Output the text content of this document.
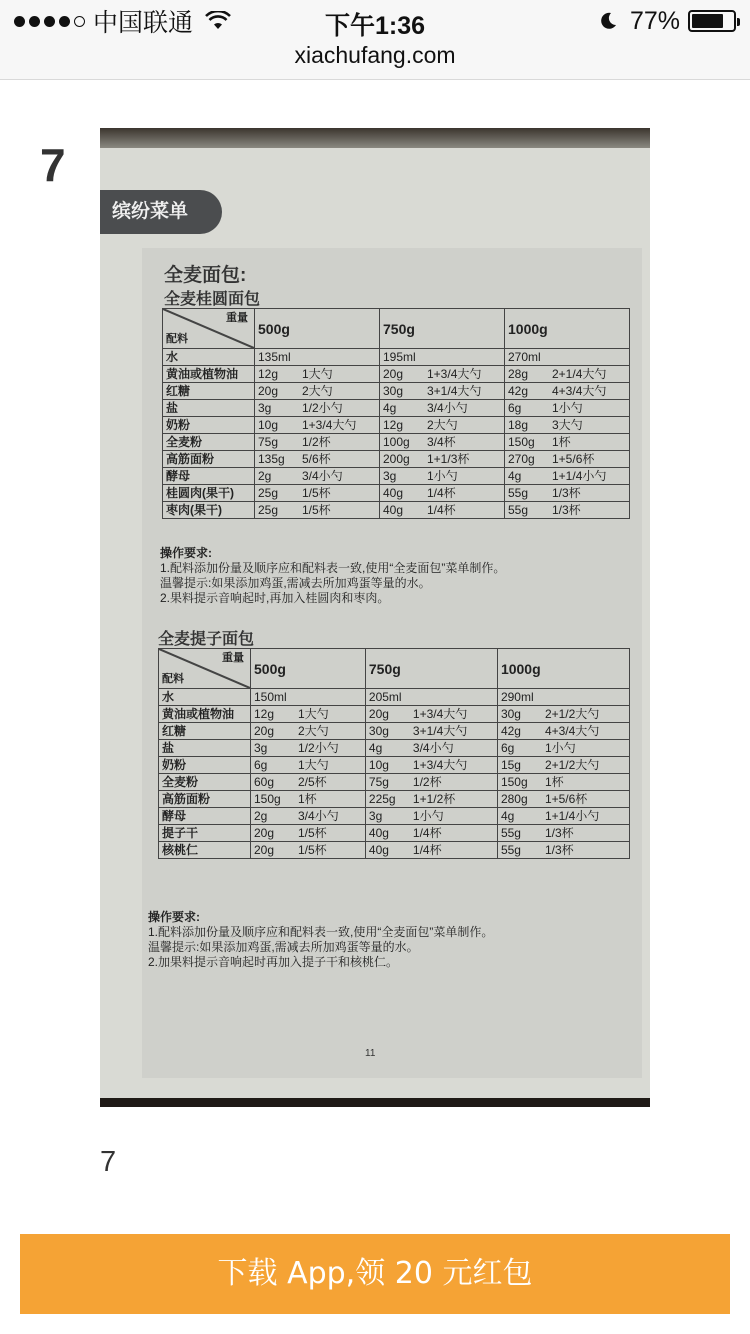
中国联通	下午1:36	77%
xiachufang.com
7
缤纷菜单
全麦面包:
全麦桂圆面包
重量
配料	500g	750g	1000g
水	135ml	195ml	270ml
黄油或植物油	12g 1大勺	20g 1+3/4大勺	28g 2+1/4大勺
红糖	20g 2大勺	30g 3+1/4大勺	42g 4+3/4大勺
盐	3g 1/2小勺	4g 3/4小勺	6g 1小勺
奶粉	10g 1+3/4大勺	12g 2大勺	18g 3大勺
全麦粉	75g 1/2杯	100g 3/4杯	150g 1杯
高筋面粉	135g 5/6杯	200g 1+1/3杯	270g 1+5/6杯
酵母	2g 3/4小勺	3g 1小勺	4g 1+1/4小勺
桂圆肉(果干)	25g 1/5杯	40g 1/4杯	55g 1/3杯
枣肉(果干)	25g 1/5杯	40g 1/4杯	55g 1/3杯
操作要求:
1.配料添加份量及顺序应和配料表一致,使用“全麦面包”菜单制作。
温馨提示:如果添加鸡蛋,需减去所加鸡蛋等量的水。
2.果料提示音响起时,再加入桂圆肉和枣肉。
全麦提子面包
重量
配料	500g	750g	1000g
水	150ml	205ml	290ml
黄油或植物油	12g 1大勺	20g 1+3/4大勺	30g 2+1/2大勺
红糖	20g 2大勺	30g 3+1/4大勺	42g 4+3/4大勺
盐	3g 1/2小勺	4g 3/4小勺	6g 1小勺
奶粉	6g 1大勺	10g 1+3/4大勺	15g 2+1/2大勺
全麦粉	60g 2/5杯	75g 1/2杯	150g 1杯
高筋面粉	150g 1杯	225g 1+1/2杯	280g 1+5/6杯
酵母	2g 3/4小勺	3g 1小勺	4g 1+1/4小勺
提子干	20g 1/5杯	40g 1/4杯	55g 1/3杯
核桃仁	20g 1/5杯	40g 1/4杯	55g 1/3杯
操作要求:
1.配料添加份量及顺序应和配料表一致,使用“全麦面包”菜单制作。
温馨提示:如果添加鸡蛋,需减去所加鸡蛋等量的水。
2.加果料提示音响起时再加入提子干和核桃仁。
11
7
下载 App,领 20 元红包
